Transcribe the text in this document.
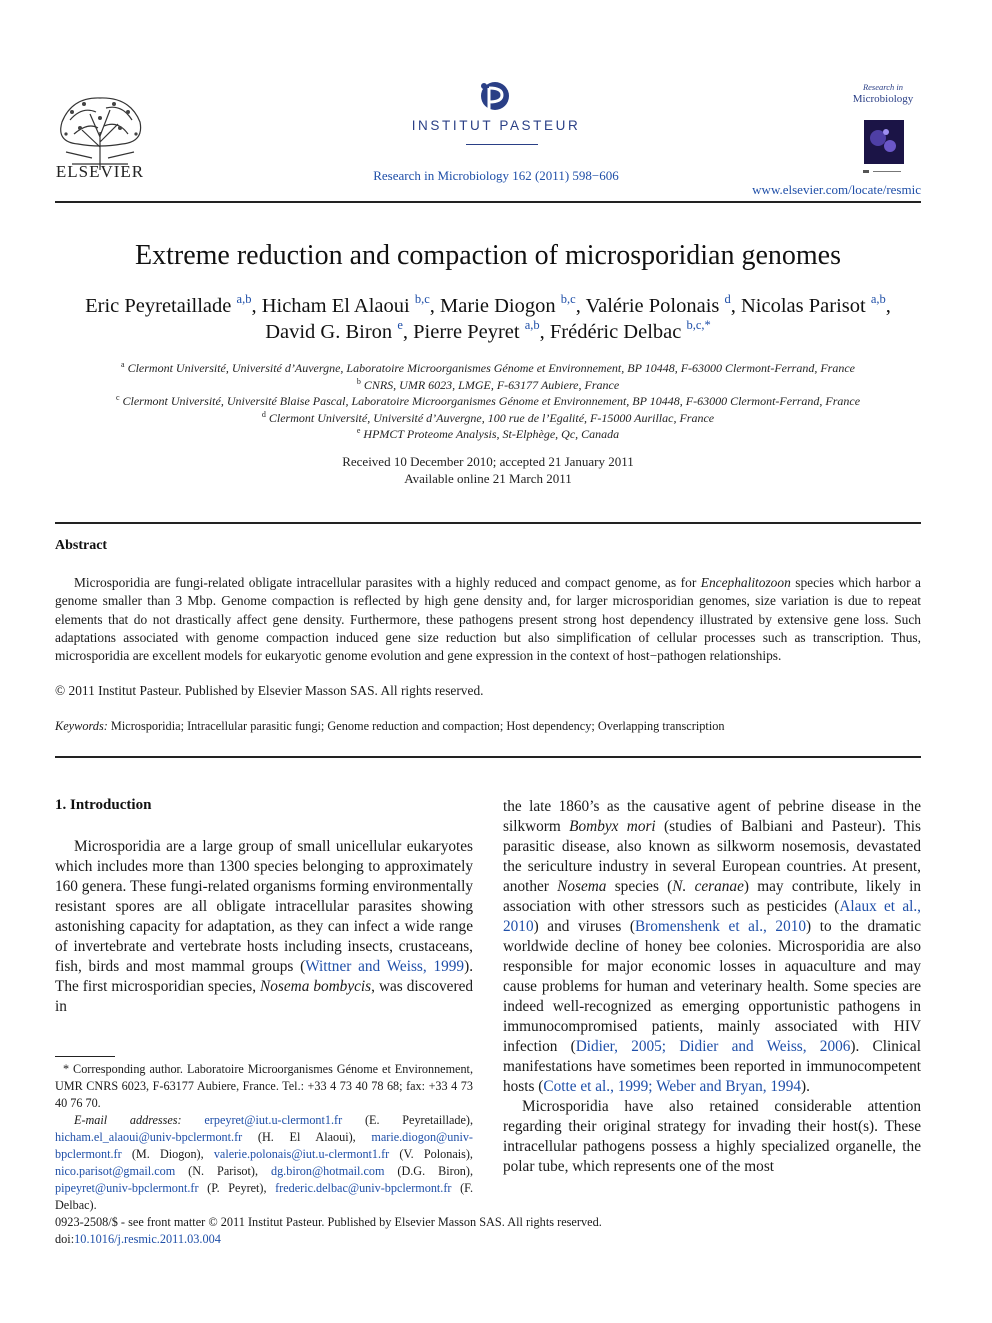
ELSEVIER
INSTITUT PASTEUR
Research in Microbiology 162 (2011) 598−606
Research in
Microbiology
www.elsevier.com/locate/resmic
Extreme reduction and compaction of microsporidian genomes
Eric Peyretaillade $^{a,b}$, Hicham El Alaoui $^{b,c}$, Marie Diogon $^{b,c}$, Valérie Polonais $^d$, Nicolas Parisot $^{a,b}$,
David G. Biron $^e$, Pierre Peyret $^{a,b}$, Frédéric Delbac $^{b,c,*}$
$^a$ Clermont Université, Université d’Auvergne, Laboratoire Microorganismes Génome et Environnement, BP 10448, F-63000 Clermont-Ferrand, France
$^b$ CNRS, UMR 6023, LMGE, F-63177 Aubiere, France
$^c$ Clermont Université, Université Blaise Pascal, Laboratoire Microorganismes Génome et Environnement, BP 10448, F-63000 Clermont-Ferrand, France
$^d$ Clermont Université, Université d’Auvergne, 100 rue de l’Egalité, F-15000 Aurillac, France
$^e$ HPMCT Proteome Analysis, St-Elphège, Qc, Canada
Received 10 December 2010; accepted 21 January 2011
Available online 21 March 2011
Abstract
Microsporidia are fungi-related obligate intracellular parasites with a highly reduced and compact genome, as for Encephalitozoon species which harbor a genome smaller than 3 Mbp. Genome compaction is reflected by high gene density and, for larger microsporidian genomes, size variation is due to repeat elements that do not drastically affect gene density. Furthermore, these pathogens present strong host dependency illustrated by extensive gene loss. Such adaptations associated with genome compaction induced gene size reduction but also simplification of cellular processes such as transcription. Thus, microsporidia are excellent models for eukaryotic genome evolution and gene expression in the context of host−pathogen relationships.
© 2011 Institut Pasteur. Published by Elsevier Masson SAS. All rights reserved.
Keywords: Microsporidia; Intracellular parasitic fungi; Genome reduction and compaction; Host dependency; Overlapping transcription
1. Introduction

Microsporidia are a large group of small unicellular eukaryotes which includes more than 1300 species belonging to approximately 160 genera. These fungi-related organisms forming environmentally resistant spores are all obligate intracellular parasites showing astonishing capacity for adaptation, as they can infect a wide range of invertebrate and vertebrate hosts including insects, crustaceans, fish, birds and most mammal groups (Wittner and Weiss, 1999). The first microsporidian species, Nosema bombycis, was discovered in

the late 1860’s as the causative agent of pebrine disease in the silkworm Bombyx mori (studies of Balbiani and Pasteur). This parasitic disease, also known as silkworm nosemosis, devastated the sericulture industry in several European countries. At present, another Nosema species (N. ceranae) may contribute, likely in association with other stressors such as pesticides (Alaux et al., 2010) and viruses (Bromenshenk et al., 2010) to the dramatic worldwide decline of honey bee colonies. Microsporidia are also responsible for major economic losses in aquaculture and may cause problems for human and veterinary health. Some species are indeed well-recognized as emerging opportunistic pathogens in immunocompromised patients, mainly associated with HIV infection (Didier, 2005; Didier and Weiss, 2006). Clinical manifestations have sometimes been reported in immunocompetent hosts (Cotte et al., 1999; Weber and Bryan, 1994).

Microsporidia have also retained considerable attention regarding their original strategy for invading their host(s). These intracellular pathogens possess a highly specialized organelle, the polar tube, which represents one of the most

* Corresponding author. Laboratoire Microorganismes Génome et Environnement, UMR CNRS 6023, F-63177 Aubiere, France. Tel.: +33 4 73 40 78 68; fax: +33 4 73 40 76 70.

E-mail addresses: erpeyret@iut.u-clermont1.fr (E. Peyretaillade), hicham.el_alaoui@univ-bpclermont.fr (H. El Alaoui), marie.diogon@univ-bpclermont.fr (M. Diogon), valerie.polonais@iut.u-clermont1.fr (V. Polonais), nico.parisot@gmail.com (N. Parisot), dg.biron@hotmail.com (D.G. Biron), pipeyret@univ-bpclermont.fr (P. Peyret), frederic.delbac@univ-bpclermont.fr (F. Delbac).

0923-2508/$ - see front matter © 2011 Institut Pasteur. Published by Elsevier Masson SAS. All rights reserved.
doi:10.1016/j.resmic.2011.03.004
